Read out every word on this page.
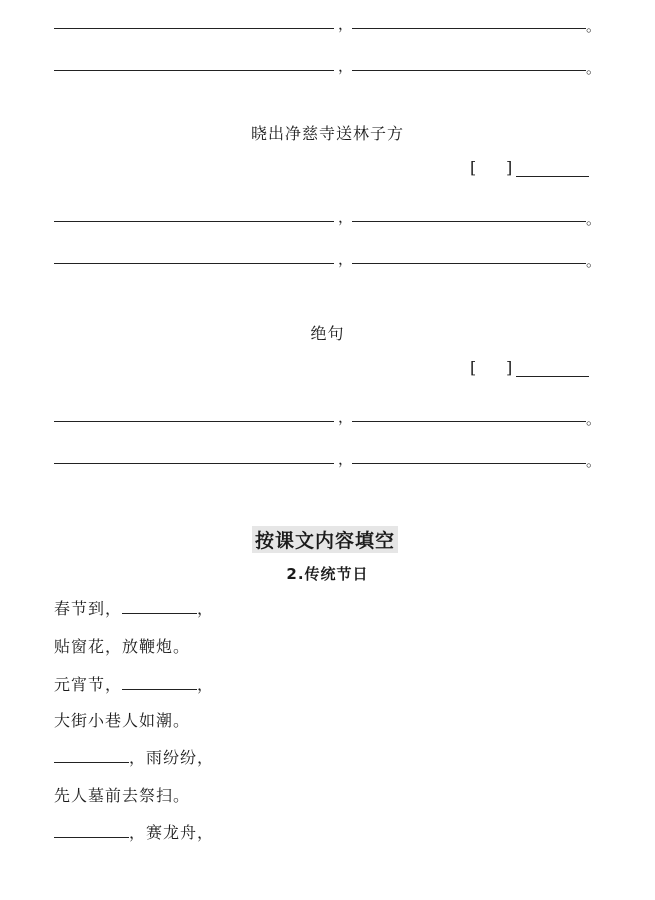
，	。
，	。
晓出净慈寺送林子方
[ ]
，	。
，	。
绝句
[ ]
，	。
，	。
按课文内容填空
2.传统节日
春节到，	，
贴窗花，放鞭炮。
元宵节，	，
大街小巷人如潮。
，雨纷纷，
先人墓前去祭扫。
，赛龙舟，
